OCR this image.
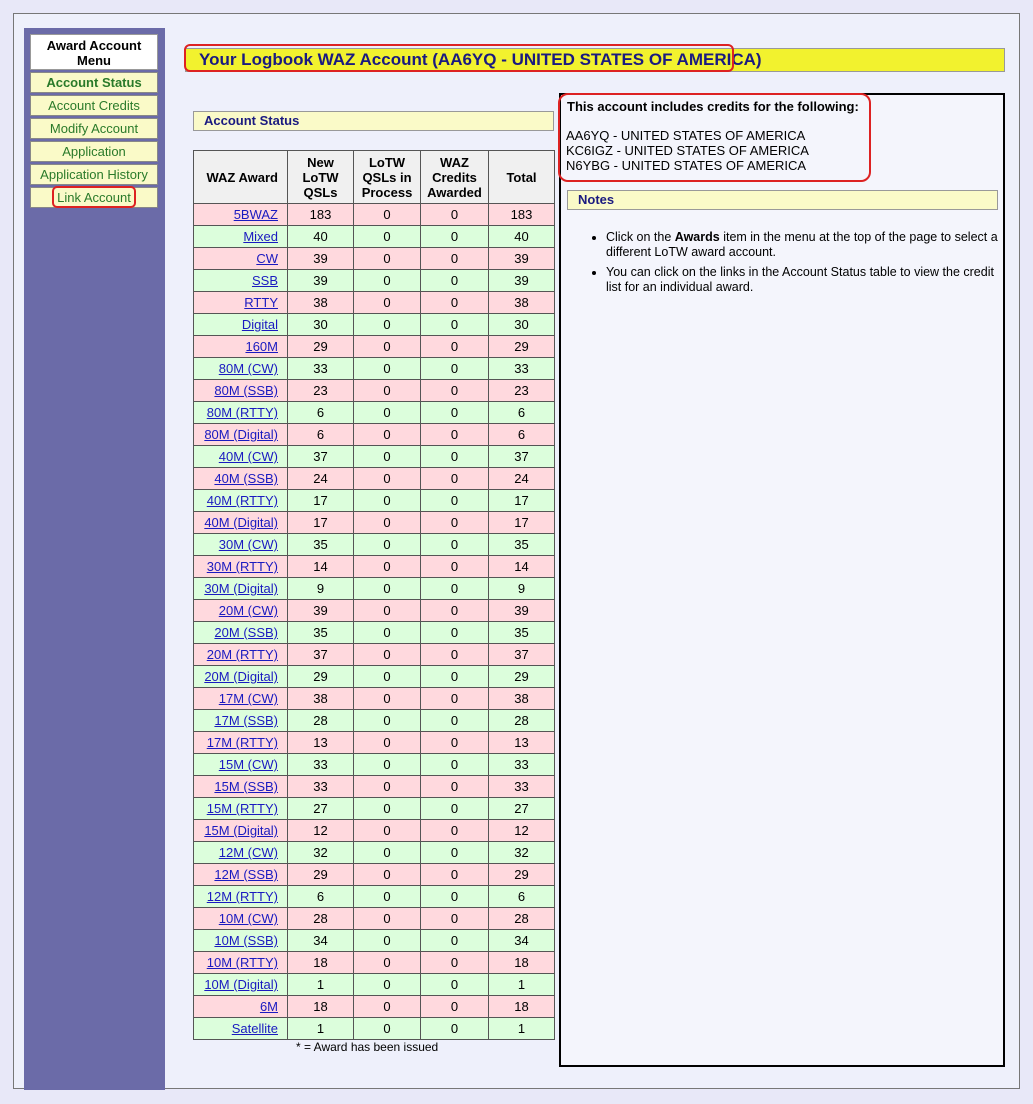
Award Account Menu
Account Status
Account Credits
Modify Account
Application
Application History
Link Account
Your Logbook WAZ Account (AA6YQ - UNITED STATES OF AMERICA)
Account Status
WAZ Award	New LoTW QSLs	LoTW QSLs in Process	WAZ Credits Awarded	Total
5BWAZ	183	0	0	183
Mixed	40	0	0	40
CW	39	0	0	39
SSB	39	0	0	39
RTTY	38	0	0	38
Digital	30	0	0	30
160M	29	0	0	29
80M (CW)	33	0	0	33
80M (SSB)	23	0	0	23
80M (RTTY)	6	0	0	6
80M (Digital)	6	0	0	6
40M (CW)	37	0	0	37
40M (SSB)	24	0	0	24
40M (RTTY)	17	0	0	17
40M (Digital)	17	0	0	17
30M (CW)	35	0	0	35
30M (RTTY)	14	0	0	14
30M (Digital)	9	0	0	9
20M (CW)	39	0	0	39
20M (SSB)	35	0	0	35
20M (RTTY)	37	0	0	37
20M (Digital)	29	0	0	29
17M (CW)	38	0	0	38
17M (SSB)	28	0	0	28
17M (RTTY)	13	0	0	13
15M (CW)	33	0	0	33
15M (SSB)	33	0	0	33
15M (RTTY)	27	0	0	27
15M (Digital)	12	0	0	12
12M (CW)	32	0	0	32
12M (SSB)	29	0	0	29
12M (RTTY)	6	0	0	6
10M (CW)	28	0	0	28
10M (SSB)	34	0	0	34
10M (RTTY)	18	0	0	18
10M (Digital)	1	0	0	1
6M	18	0	0	18
Satellite	1	0	0	1
* = Award has been issued
This account includes credits for the following:
AA6YQ - UNITED STATES OF AMERICA
KC6IGZ - UNITED STATES OF AMERICA
N6YBG - UNITED STATES OF AMERICA
Notes
• Click on the Awards item in the menu at the top of the page to select a different LoTW award account.
• You can click on the links in the Account Status table to view the credit list for an individual award.
